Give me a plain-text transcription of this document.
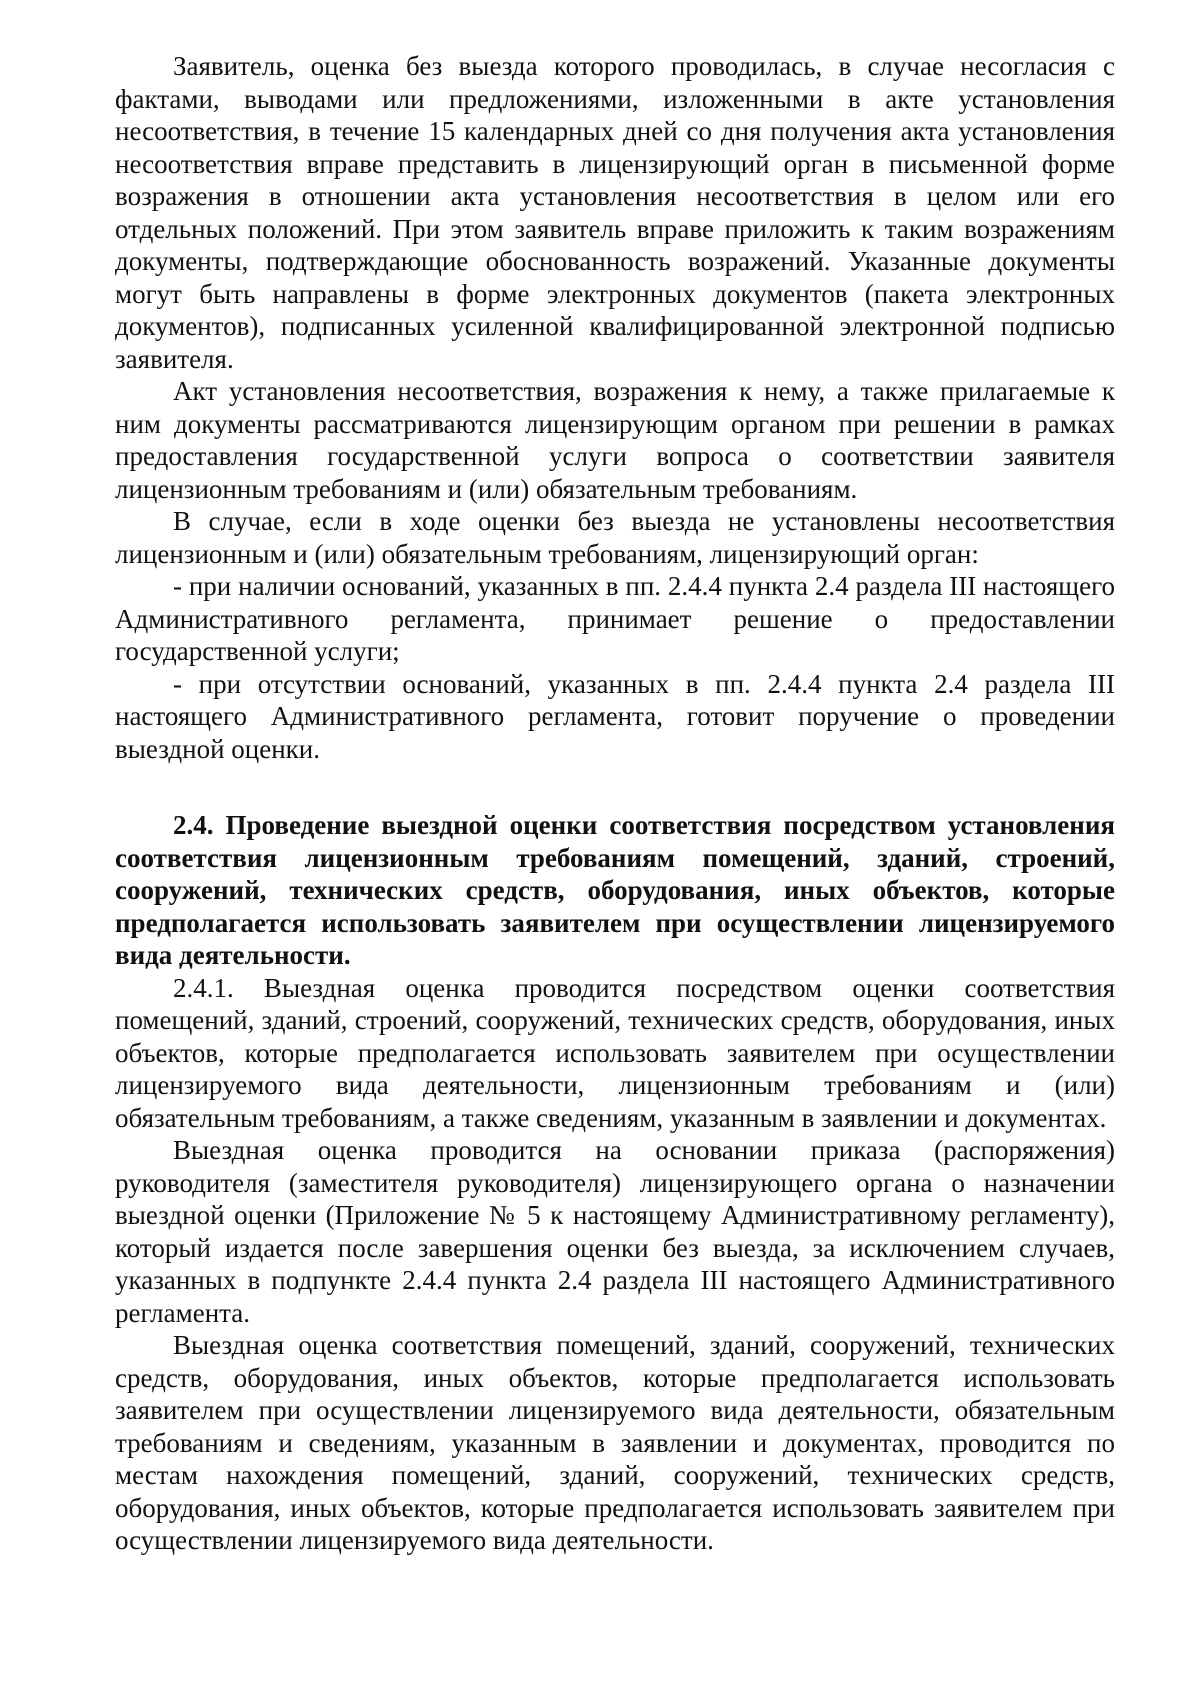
Заявитель, оценка без выезда которого проводилась, в случае несогласия с фактами, выводами или предложениями, изложенными в акте установления несоответствия, в течение 15 календарных дней со дня получения акта установления несоответствия вправе представить в лицензирующий орган в письменной форме возражения в отношении акта установления несоответствия в целом или его отдельных положений. При этом заявитель вправе приложить к таким возражениям документы, подтверждающие обоснованность возражений. Указанные документы могут быть направлены в форме электронных документов (пакета электронных документов), подписанных усиленной квалифицированной электронной подписью заявителя.

Акт установления несоответствия, возражения к нему, а также прилагаемые к ним документы рассматриваются лицензирующим органом при решении в рамках предоставления государственной услуги вопроса о соответствии заявителя лицензионным требованиям и (или) обязательным требованиям.

В случае, если в ходе оценки без выезда не установлены несоответствия лицензионным и (или) обязательным требованиям, лицензирующий орган:

- при наличии оснований, указанных в пп. 2.4.4 пункта 2.4 раздела III настоящего Административного регламента, принимает решение о предоставлении государственной услуги;

- при отсутствии оснований, указанных в пп. 2.4.4 пункта 2.4 раздела III настоящего Административного регламента, готовит поручение о проведении выездной оценки.

2.4. Проведение выездной оценки соответствия посредством установления соответствия лицензионным требованиям помещений, зданий, строений, сооружений, технических средств, оборудования, иных объектов, которые предполагается использовать заявителем при осуществлении лицензируемого вида деятельности.

2.4.1. Выездная оценка проводится посредством оценки соответствия помещений, зданий, строений, сооружений, технических средств, оборудования, иных объектов, которые предполагается использовать заявителем при осуществлении лицензируемого вида деятельности, лицензионным требованиям и (или) обязательным требованиям, а также сведениям, указанным в заявлении и документах.

Выездная оценка проводится на основании приказа (распоряжения) руководителя (заместителя руководителя) лицензирующего органа о назначении выездной оценки (Приложение № 5 к настоящему Административному регламенту), который издается после завершения оценки без выезда, за исключением случаев, указанных в подпункте 2.4.4 пункта 2.4 раздела III настоящего Административного регламента.

Выездная оценка соответствия помещений, зданий, сооружений, технических средств, оборудования, иных объектов, которые предполагается использовать заявителем при осуществлении лицензируемого вида деятельности, обязательным требованиям и сведениям, указанным в заявлении и документах, проводится по местам нахождения помещений, зданий, сооружений, технических средств, оборудования, иных объектов, которые предполагается использовать заявителем при осуществлении лицензируемого вида деятельности.
